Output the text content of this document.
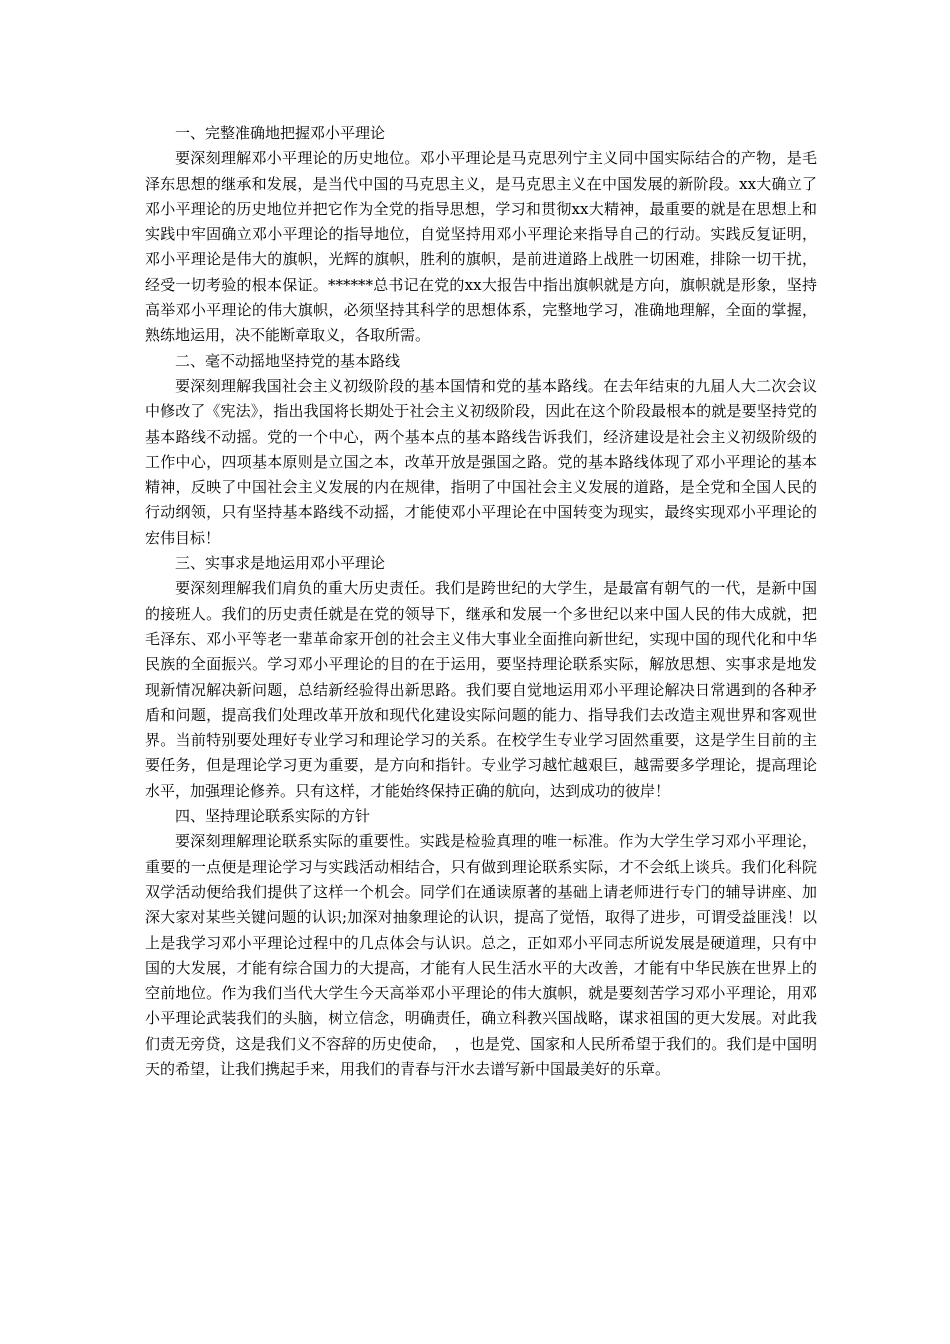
一、完整准确地把握邓小平理论

要深刻理解邓小平理论的历史地位。邓小平理论是马克思列宁主义同中国实际结合的产物，是毛泽东思想的继承和发展，是当代中国的马克思主义，是马克思主义在中国发展的新阶段。xx大确立了邓小平理论的历史地位并把它作为全党的指导思想，学习和贯彻xx大精神，最重要的就是在思想上和实践中牢固确立邓小平理论的指导地位，自觉坚持用邓小平理论来指导自己的行动。实践反复证明，邓小平理论是伟大的旗帜，光辉的旗帜，胜利的旗帜，是前进道路上战胜一切困难，排除一切干扰，经受一切考验的根本保证。******总书记在党的xx大报告中指出旗帜就是方向，旗帜就是形象，坚持高举邓小平理论的伟大旗帜，必须坚持其科学的思想体系，完整地学习，准确地理解，全面的掌握，熟练地运用，决不能断章取义，各取所需。

二、毫不动摇地坚持党的基本路线

要深刻理解我国社会主义初级阶段的基本国情和党的基本路线。在去年结束的九届人大二次会议中修改了《宪法》，指出我国将长期处于社会主义初级阶段，因此在这个阶段最根本的就是要坚持党的基本路线不动摇。党的一个中心，两个基本点的基本路线告诉我们，经济建设是社会主义初级阶级的工作中心，四项基本原则是立国之本，改革开放是强国之路。党的基本路线体现了邓小平理论的基本精神，反映了中国社会主义发展的内在规律，指明了中国社会主义发展的道路，是全党和全国人民的行动纲领，只有坚持基本路线不动摇，才能使邓小平理论在中国转变为现实，最终实现邓小平理论的宏伟目标！

三、实事求是地运用邓小平理论

要深刻理解我们肩负的重大历史责任。我们是跨世纪的大学生，是最富有朝气的一代，是新中国的接班人。我们的历史责任就是在党的领导下，继承和发展一个多世纪以来中国人民的伟大成就，把毛泽东、邓小平等老一辈革命家开创的社会主义伟大事业全面推向新世纪，实现中国的现代化和中华民族的全面振兴。学习邓小平理论的目的在于运用，要坚持理论联系实际，解放思想、实事求是地发现新情况解决新问题，总结新经验得出新思路。我们要自觉地运用邓小平理论解决日常遇到的各种矛盾和问题，提高我们处理改革开放和现代化建设实际问题的能力、指导我们去改造主观世界和客观世界。当前特别要处理好专业学习和理论学习的关系。在校学生专业学习固然重要，这是学生目前的主要任务，但是理论学习更为重要，是方向和指针。专业学习越忙越艰巨，越需要多学理论，提高理论水平，加强理论修养。只有这样，才能始终保持正确的航向，达到成功的彼岸！

四、坚持理论联系实际的方针

要深刻理解理论联系实际的重要性。实践是检验真理的唯一标准。作为大学生学习邓小平理论，重要的一点便是理论学习与实践活动相结合，只有做到理论联系实际，才不会纸上谈兵。我们化科院双学活动便给我们提供了这样一个机会。同学们在通读原著的基础上请老师进行专门的辅导讲座、加深大家对某些关键问题的认识;加深对抽象理论的认识，提高了觉悟，取得了进步，可谓受益匪浅！以上是我学习邓小平理论过程中的几点体会与认识。总之，正如邓小平同志所说发展是硬道理，只有中国的大发展，才能有综合国力的大提高，才能有人民生活水平的大改善，才能有中华民族在世界上的空前地位。作为我们当代大学生今天高举邓小平理论的伟大旗帜，就是要刻苦学习邓小平理论，用邓小平理论武装我们的头脑，树立信念，明确责任，确立科教兴国战略，谋求祖国的更大发展。对此我们责无旁贷，这是我们义不容辞的历史使命，　，也是党、国家和人民所希望于我们的。我们是中国明天的希望，让我们携起手来，用我们的青春与汗水去谱写新中国最美好的乐章。
